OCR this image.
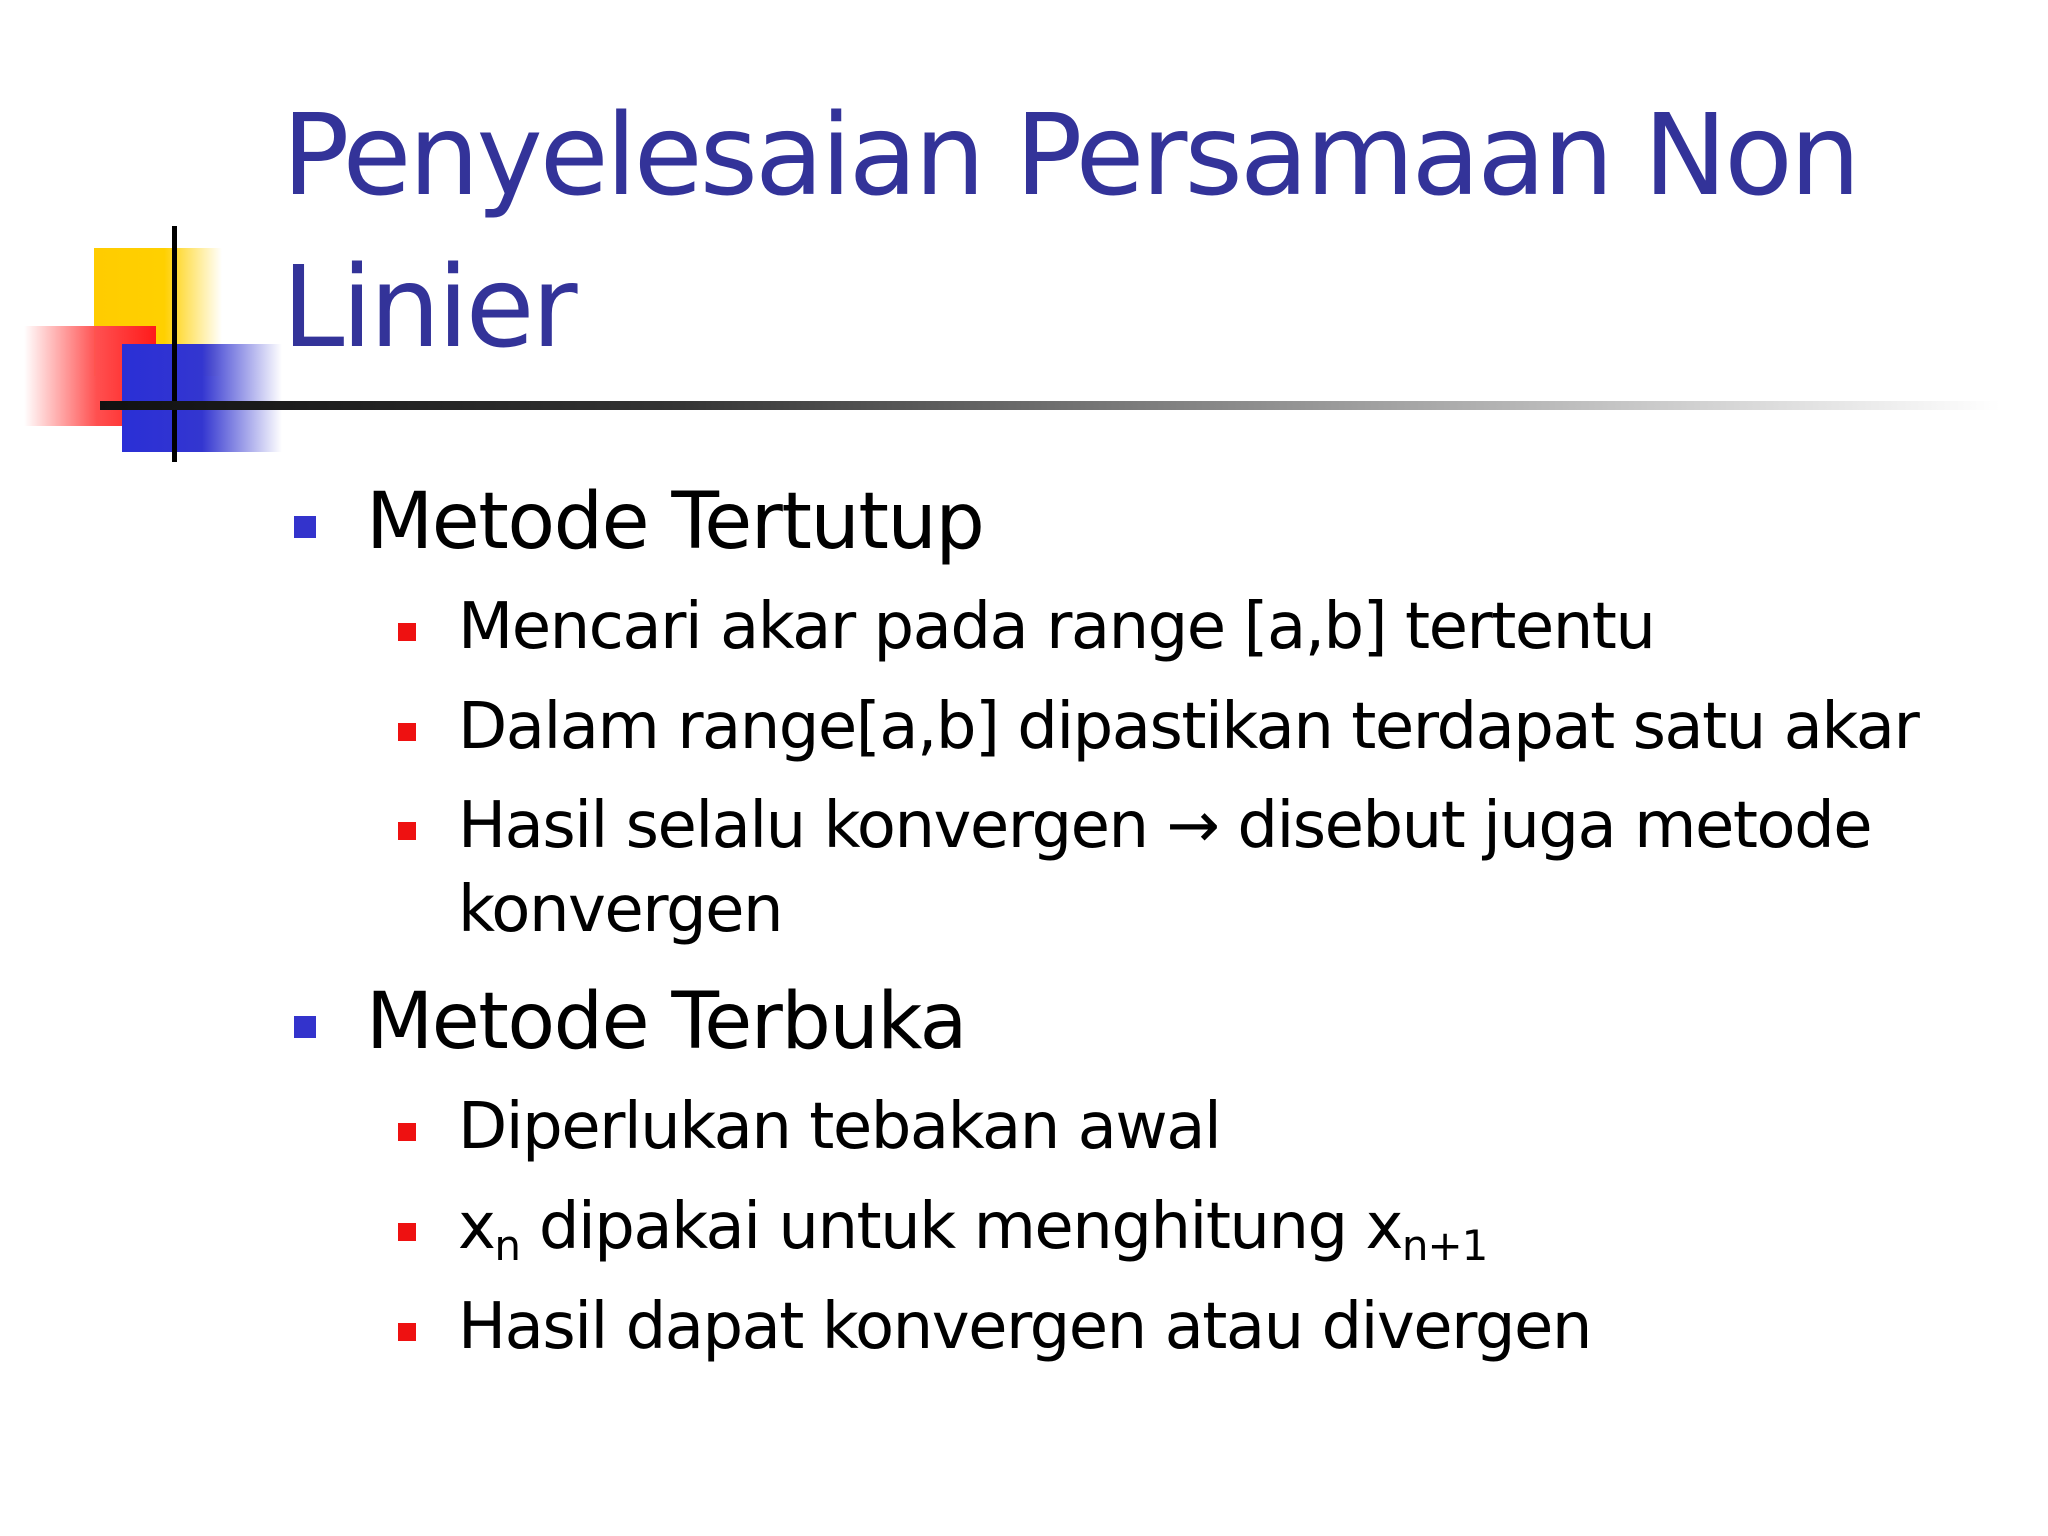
Penyelesaian Persamaan Non Linier
Metode Tertutup
Mencari akar pada range [a,b] tertentu
Dalam range[a,b] dipastikan terdapat satu akar
Hasil selalu konvergen → disebut juga metode
konvergen
Metode Terbuka
Diperlukan tebakan awal
$x_n$ dipakai untuk menghitung $x_{n+1}$
Hasil dapat konvergen atau divergen
